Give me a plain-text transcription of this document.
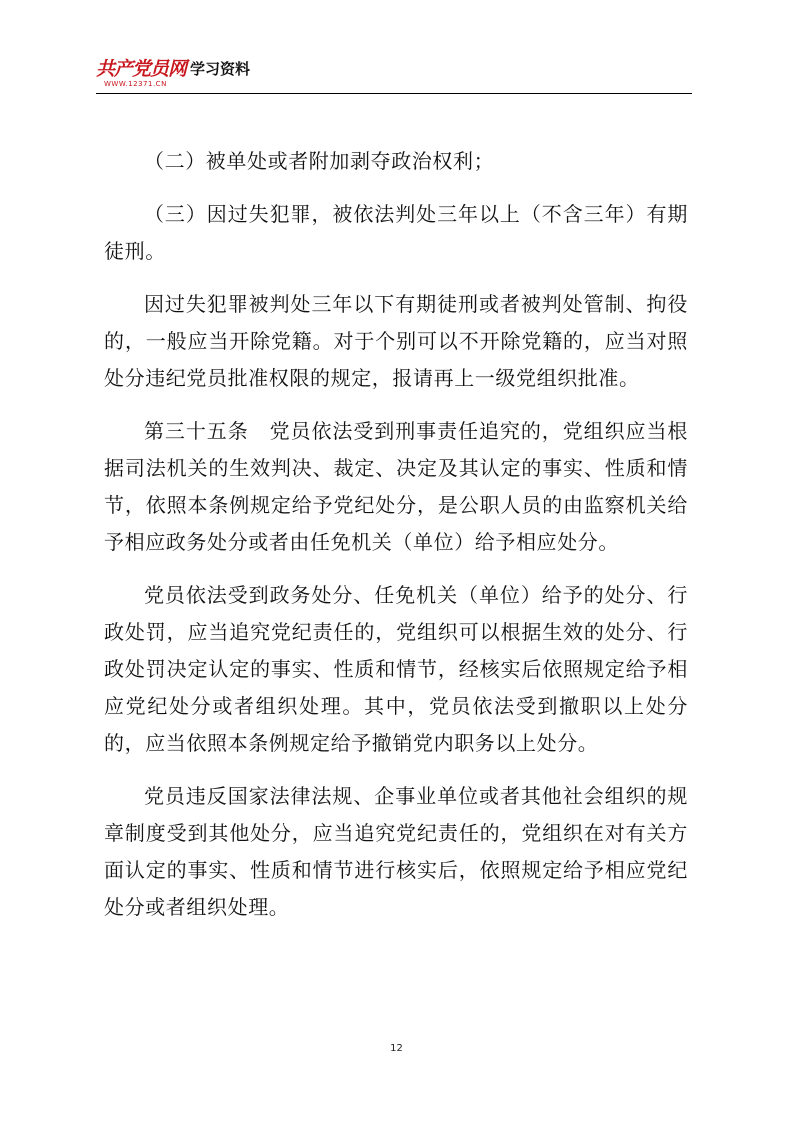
共产党员网
WWW.12371.CN
学习资料

（二）被单处或者附加剥夺政治权利；

（三）因过失犯罪，被依法判处三年以上（不含三年）有期徒刑。

因过失犯罪被判处三年以下有期徒刑或者被判处管制、拘役的，一般应当开除党籍。对于个别可以不开除党籍的，应当对照处分违纪党员批准权限的规定，报请再上一级党组织批准。

第三十五条　党员依法受到刑事责任追究的，党组织应当根据司法机关的生效判决、裁定、决定及其认定的事实、性质和情节，依照本条例规定给予党纪处分，是公职人员的由监察机关给予相应政务处分或者由任免机关（单位）给予相应处分。

党员依法受到政务处分、任免机关（单位）给予的处分、行政处罚，应当追究党纪责任的，党组织可以根据生效的处分、行政处罚决定认定的事实、性质和情节，经核实后依照规定给予相应党纪处分或者组织处理。其中，党员依法受到撤职以上处分的，应当依照本条例规定给予撤销党内职务以上处分。

党员违反国家法律法规、企事业单位或者其他社会组织的规章制度受到其他处分，应当追究党纪责任的，党组织在对有关方面认定的事实、性质和情节进行核实后，依照规定给予相应党纪处分或者组织处理。

12
